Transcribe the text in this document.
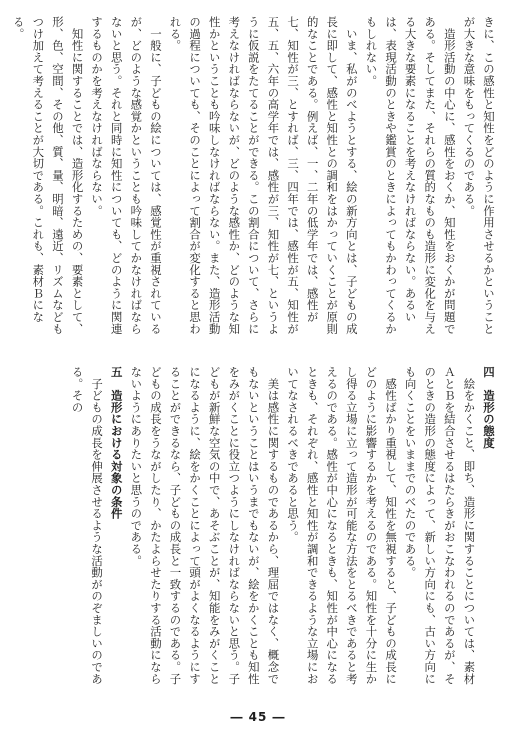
きに、この感性と知性をどのように作用させるかということが大きな意味をもってくるのである。

　造形活動の中心に、感性をおくか、知性をおくかが問題である。そしてまた、それらの質的なものも造形に変化を与える大きな要素になることを考えなければならない。あるいは、表現活動のときや鑑賞のときによってもかわってくるかもしれない。

　いま、私がのべようとする、絵の新方向とは、子どもの成長に即して、感性と知性との調和をはかっていくことが原則的なことである。例えば、一、二年の低学年では、感性が七、知性が三、とすれば、三、四年では、感性が五、知性が五、五、六年の高学年では、感性が三、知性が七、というように仮説をたてることができる。この割合について、さらに考えなければならないが、どのような感性か、どのような知性かということも吟味しなければならない。また、造形活動の過程についても、そのことによって割合が変化すると思われる。

　一般に、子どもの絵については、感覚性が重視されているが、どのような感覚かということも吟味してかなければならないと思う。それと同時に知性についても、どのように関連するものかを考えなければならない。

　知性に関することでは、造形化するための、要素として、形、色、空間、その他、質、量、明暗、遠近、リズムなどもつけ加えて考えることが大切である。これも、素材Ｂになる。

四　造形の態度

　絵をかくこと、即ち、造形に関することについては、素材ＡとＢを結合させるはたらきがおこなわれるのであるが、そのときの造形の態度によって、新しい方向にも、古い方向にも向くことをいままでのべたのである。

　感性ばかり重視して、知性を無視すると、子どもの成長にどのように影響するかを考えるのである。知性を十分に生かし得る立場に立って造形が可能な方法をとるべきであると考えるのである。感性が中心になるときも、知性が中心になるときも、それぞれ、感性と知性が調和できるような立場においてなされるべきであると思う。

　美は感性に関するものであるから、理屈ではなく、概念でもないということはいうまでもないが、絵をかくことも知性をみがくことに役立つようにしなければならないと思う。子どもが新鮮な空気の中で、あそぶことが、知能をみがくことになるように、絵をかくことによって頭がよくなるようにすることができるなら、子どもの成長と一致するのである。子どもの成長をうながしたり、かたよらせたりする活動にならないようにありたいと思うのである。

五　造形における対象の条件

　子どもの成長を伸展させるような活動がのぞましいのである。その

― 45 ―
